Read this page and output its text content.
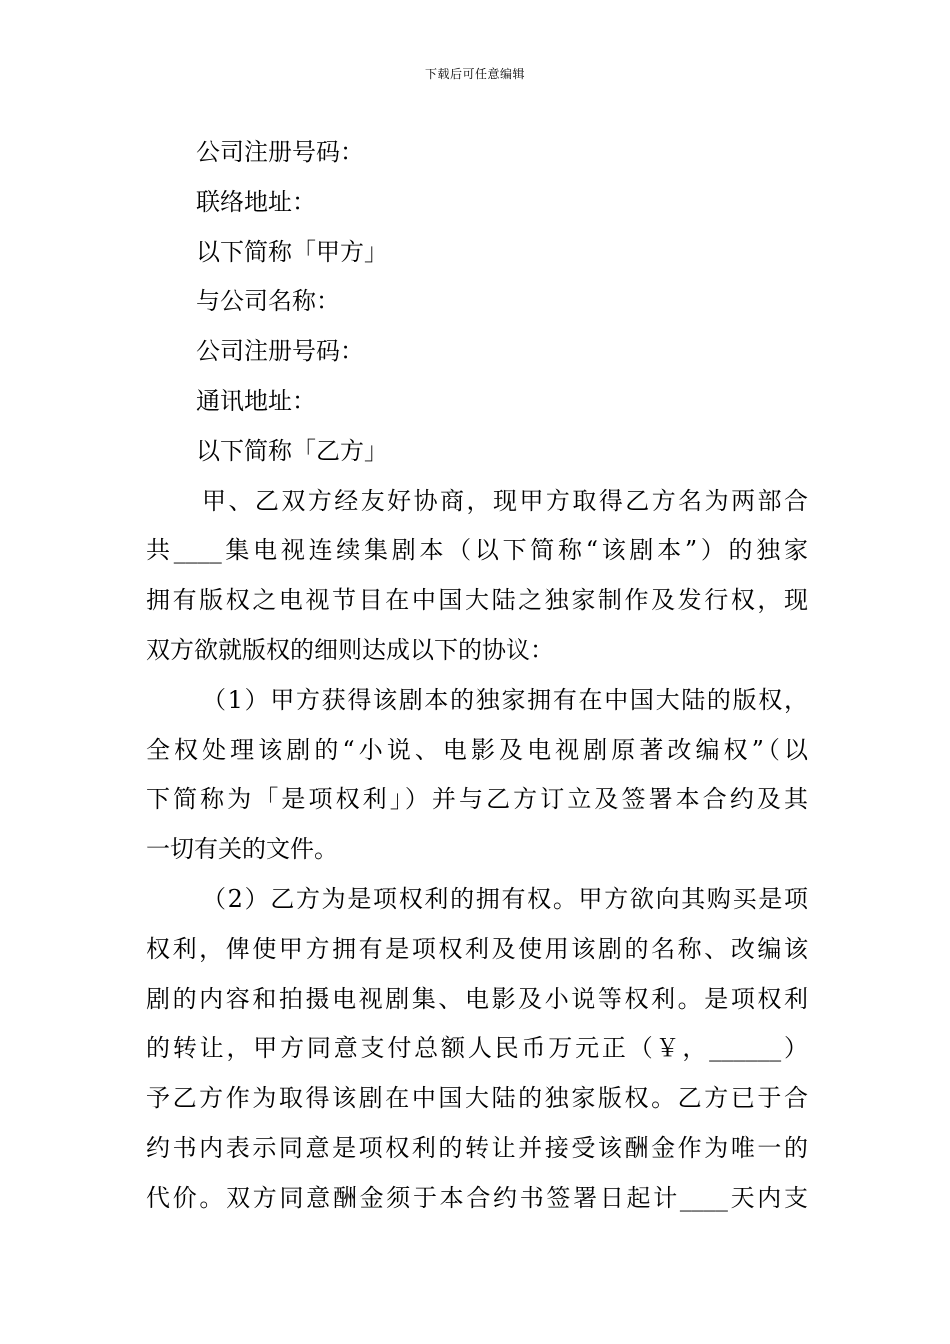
下载后可任意编辑
公司注册号码：
联络地址：
以下简称「甲方」
与公司名称：
公司注册号码：
通讯地址：
以下简称「乙方」
甲、乙双方经友好协商，现甲方取得乙方名为两部合
共____集电视连续集剧本（以下简称“该剧本”）的独家
拥有版权之电视节目在中国大陆之独家制作及发行权，现
双方欲就版权的细则达成以下的协议：
（1）甲方获得该剧本的独家拥有在中国大陆的版权，
全权处理该剧的“小说、电影及电视剧原著改编权”（以
下简称为「是项权利」）并与乙方订立及签署本合约及其
一切有关的文件。
（2）乙方为是项权利的拥有权。甲方欲向其购买是项
权利，俾使甲方拥有是项权利及使用该剧的名称、改编该
剧的内容和拍摄电视剧集、电影及小说等权利。是项权利
的转让，甲方同意支付总额人民币万元正（￥，______）
予乙方作为取得该剧在中国大陆的独家版权。乙方已于合
约书内表示同意是项权利的转让并接受该酬金作为唯一的
代价。双方同意酬金须于本合约书签署日起计____天内支
